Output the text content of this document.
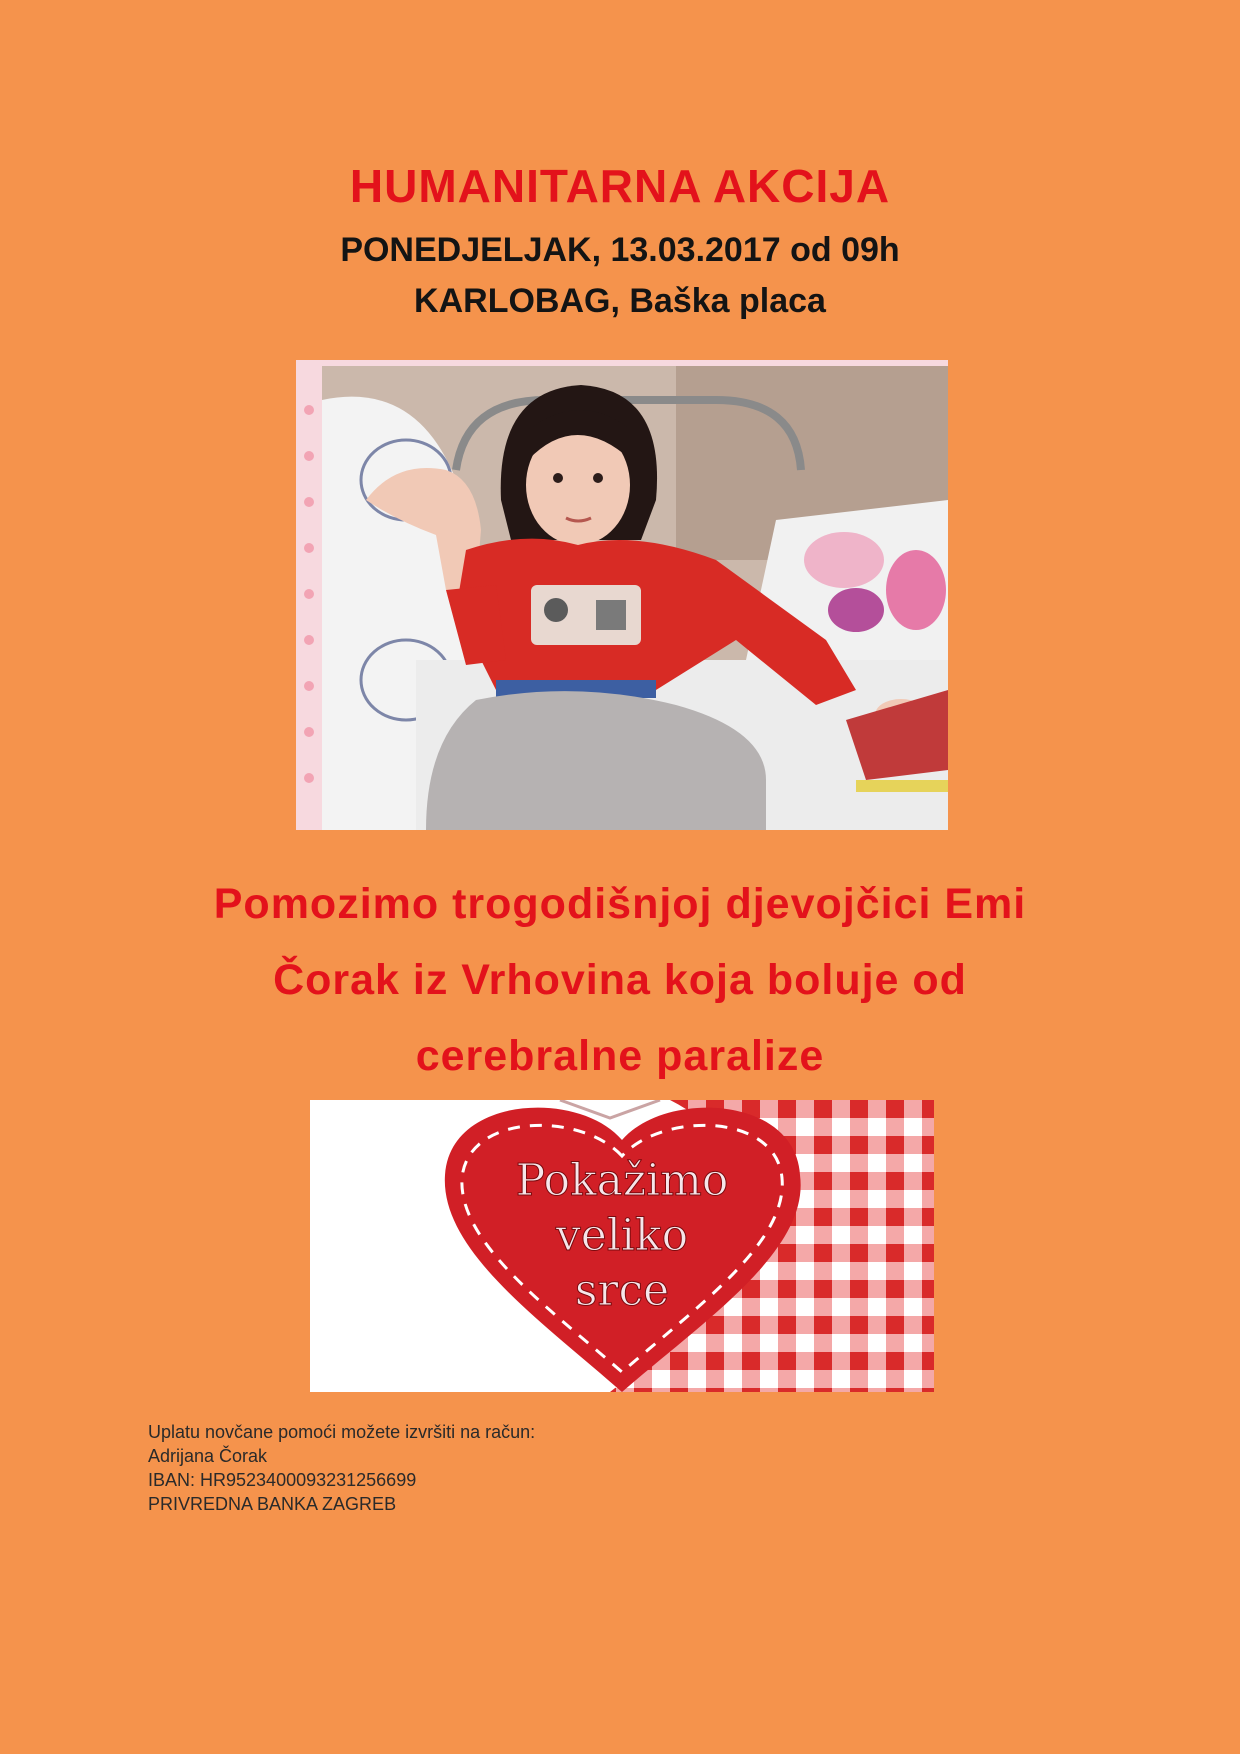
HUMANITARNA AKCIJA
PONEDJELJAK, 13.03.2017 od 09h
KARLOBAG, Baška placa
Pomozimo trogodišnjoj djevojčici Emi
Čorak iz Vrhovina koja boluje od
cerebralne paralize
Pokažimo
veliko
srce
Uplatu novčane pomoći možete izvršiti na račun:
Adrijana Čorak
IBAN: HR9523400093231256699
PRIVREDNA BANKA ZAGREB
